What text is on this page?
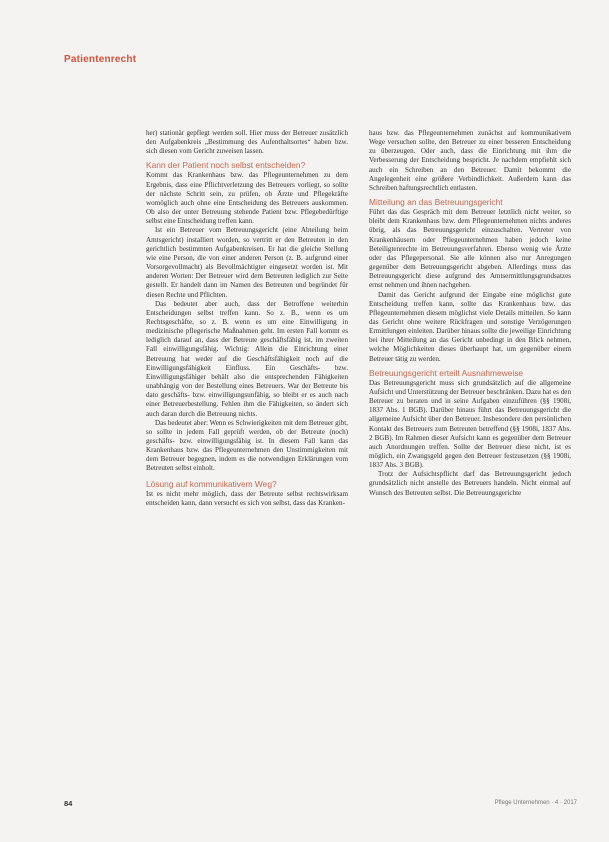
Patientenrecht

her) stationär gepflegt werden soll. Hier muss der Betreuer zusätzlich den Aufgabenkreis „Bestimmung des Aufenthaltsortes“ haben bzw. sich diesen vom Gericht zuweisen lassen.

Kann der Patient noch selbst entscheiden?

Kommt das Krankenhaus bzw. das Pflegeunternehmen zu dem Ergebnis, dass eine Pflichtverletzung des Betreuers vorliegt, so sollte der nächste Schritt sein, zu prüfen, ob Ärzte und Pflegekräfte womöglich auch ohne eine Entscheidung des Betreuers auskommen. Ob also der unter Betreuung stehende Patient bzw. Pflegebedürftige selbst eine Entscheidung treffen kann.

Ist ein Betreuer vom Betreuungsgericht (eine Abteilung beim Amtsgericht) installiert worden, so vertritt er den Betreuten in den gerichtlich bestimmten Aufgabenkreisen. Er hat die gleiche Stellung wie eine Person, die von einer anderen Person (z. B. aufgrund einer Vorsorgevollmacht) als Bevollmächtigter eingesetzt worden ist. Mit anderen Worten: Der Betreuer wird dem Betreuten lediglich zur Seite gestellt. Er handelt dann im Namen des Betreuten und begründet für diesen Rechte und Pflichten.

Das bedeutet aber auch, dass der Betroffene weiterhin Entscheidungen selbst treffen kann. So z. B., wenn es um Rechtsgeschäfte, so z. B. wenn es um eine Einwilligung in medizinische pflegerische Maßnahmen geht. Im ersten Fall kommt es lediglich darauf an, dass der Betreute geschäftsfähig ist, im zweiten Fall einwilligungsfähig. Wichtig: Allein die Einrichtung einer Betreuung hat weder auf die Geschäftsfähigkeit noch auf die Einwilligungsfähigkeit Einfluss. Ein Geschäfts- bzw. Einwilligungsfähiger behält also die entsprechenden Fähigkeiten unabhängig von der Bestellung eines Betreuers. War der Betreute bis dato geschäfts- bzw. einwilligungsunfähig, so bleibt er es auch nach einer Betreuerbestellung. Fehlen ihm die Fähigkeiten, so ändert sich auch daran durch die Betreuung nichts.

Das bedeutet aber: Wenn es Schwierigkeiten mit dem Betreuer gibt, so sollte in jedem Fall geprüft werden, ob der Betreute (noch) geschäfts- bzw. einwilligungsfähig ist. In diesem Fall kann das Krankenhaus bzw. das Pflegeunternehmen den Unstimmigkeiten mit dem Betreuer begegnen, indem es die notwendigen Erklärungen vom Betreuten selbst einholt.

Lösung auf kommunikativem Weg?

Ist es nicht mehr möglich, dass der Betreute selbst rechtswirksam entscheiden kann, dann versucht es sich von selbst, dass das Kranken-

haus bzw. das Pflegeunternehmen zunächst auf kommunikativem Wege versuchen sollte, den Betreuer zu einer besseren Entscheidung zu überzeugen. Oder auch, dass die Einrichtung mit ihm die Verbesserung der Entscheidung bespricht. Je nachdem empfiehlt sich auch ein Schreiben an den Betreuer. Damit bekommt die Angelegenheit eine größere Verbindlichkeit. Außerdem kann das Schreiben haftungsrechtlich entlasten.

Mitteilung an das Betreuungsgericht

Führt das das Gespräch mit dem Betreuer letztlich nicht weiter, so bleibt dem Krankenhaus bzw. dem Pflegeunternehmen nichts anderes übrig, als das Betreuungsgericht einzuschalten. Vertreter von Krankenhäusern oder Pflegeunternehmen haben jedoch keine Beteiligtenrechte im Betreuungsverfahren. Ebenso wenig wie Ärzte oder das Pflegepersonal. Sie alle können also nur Anregungen gegenüber dem Betreuungsgericht abgeben. Allerdings muss das Betreuungsgericht diese aufgrund des Amtsermittlungsgrundsatzes ernst nehmen und ihnen nachgehen.

Damit das Gericht aufgrund der Eingabe eine möglichst gute Entscheidung treffen kann, sollte das Krankenhaus bzw. das Pflegeunternehmen diesem möglichst viele Details mitteilen. So kann das Gericht ohne weitere Rückfragen und sonstige Verzögerungen Ermittlungen einleiten. Darüber hinaus sollte die jeweilige Einrichtung bei ihrer Mitteilung an das Gericht unbedingt in den Blick nehmen, welche Möglichkeiten dieses überhaupt hat, um gegenüber einem Betreuer tätig zu werden.

Betreuungsgericht erteilt Ausnahmeweise

Das Betreuungsgericht muss sich grundsätzlich auf die allgemeine Aufsicht und Unterstützung der Betreuer beschränken. Dazu hat es den Betreuer zu beraten und in seine Aufgaben einzuführen (§§ 1908i, 1837 Abs. 1 BGB). Darüber hinaus führt das Betreuungsgericht die allgemeine Aufsicht über den Betreuer. Insbesondere den persönlichen Kontakt des Betreuers zum Betreuten betreffend (§§ 1908i, 1837 Abs. 2 BGB). Im Rahmen dieser Aufsicht kann es gegenüber dem Betreuer auch Anordnungen treffen. Sollte der Betreuer diese nicht, ist es möglich, ein Zwangsgeld gegen den Betreuer festzusetzen (§§ 1908i, 1837 Abs. 3 BGB).

Trotz der Aufsichtspflicht darf das Betreuungsgericht jedoch grundsätzlich nicht anstelle des Betreuers handeln. Nicht einmal auf Wunsch des Betreuten selbst. Die Betreuungsgerichte

84	Pflege Unternehmen · 4 · 2017
